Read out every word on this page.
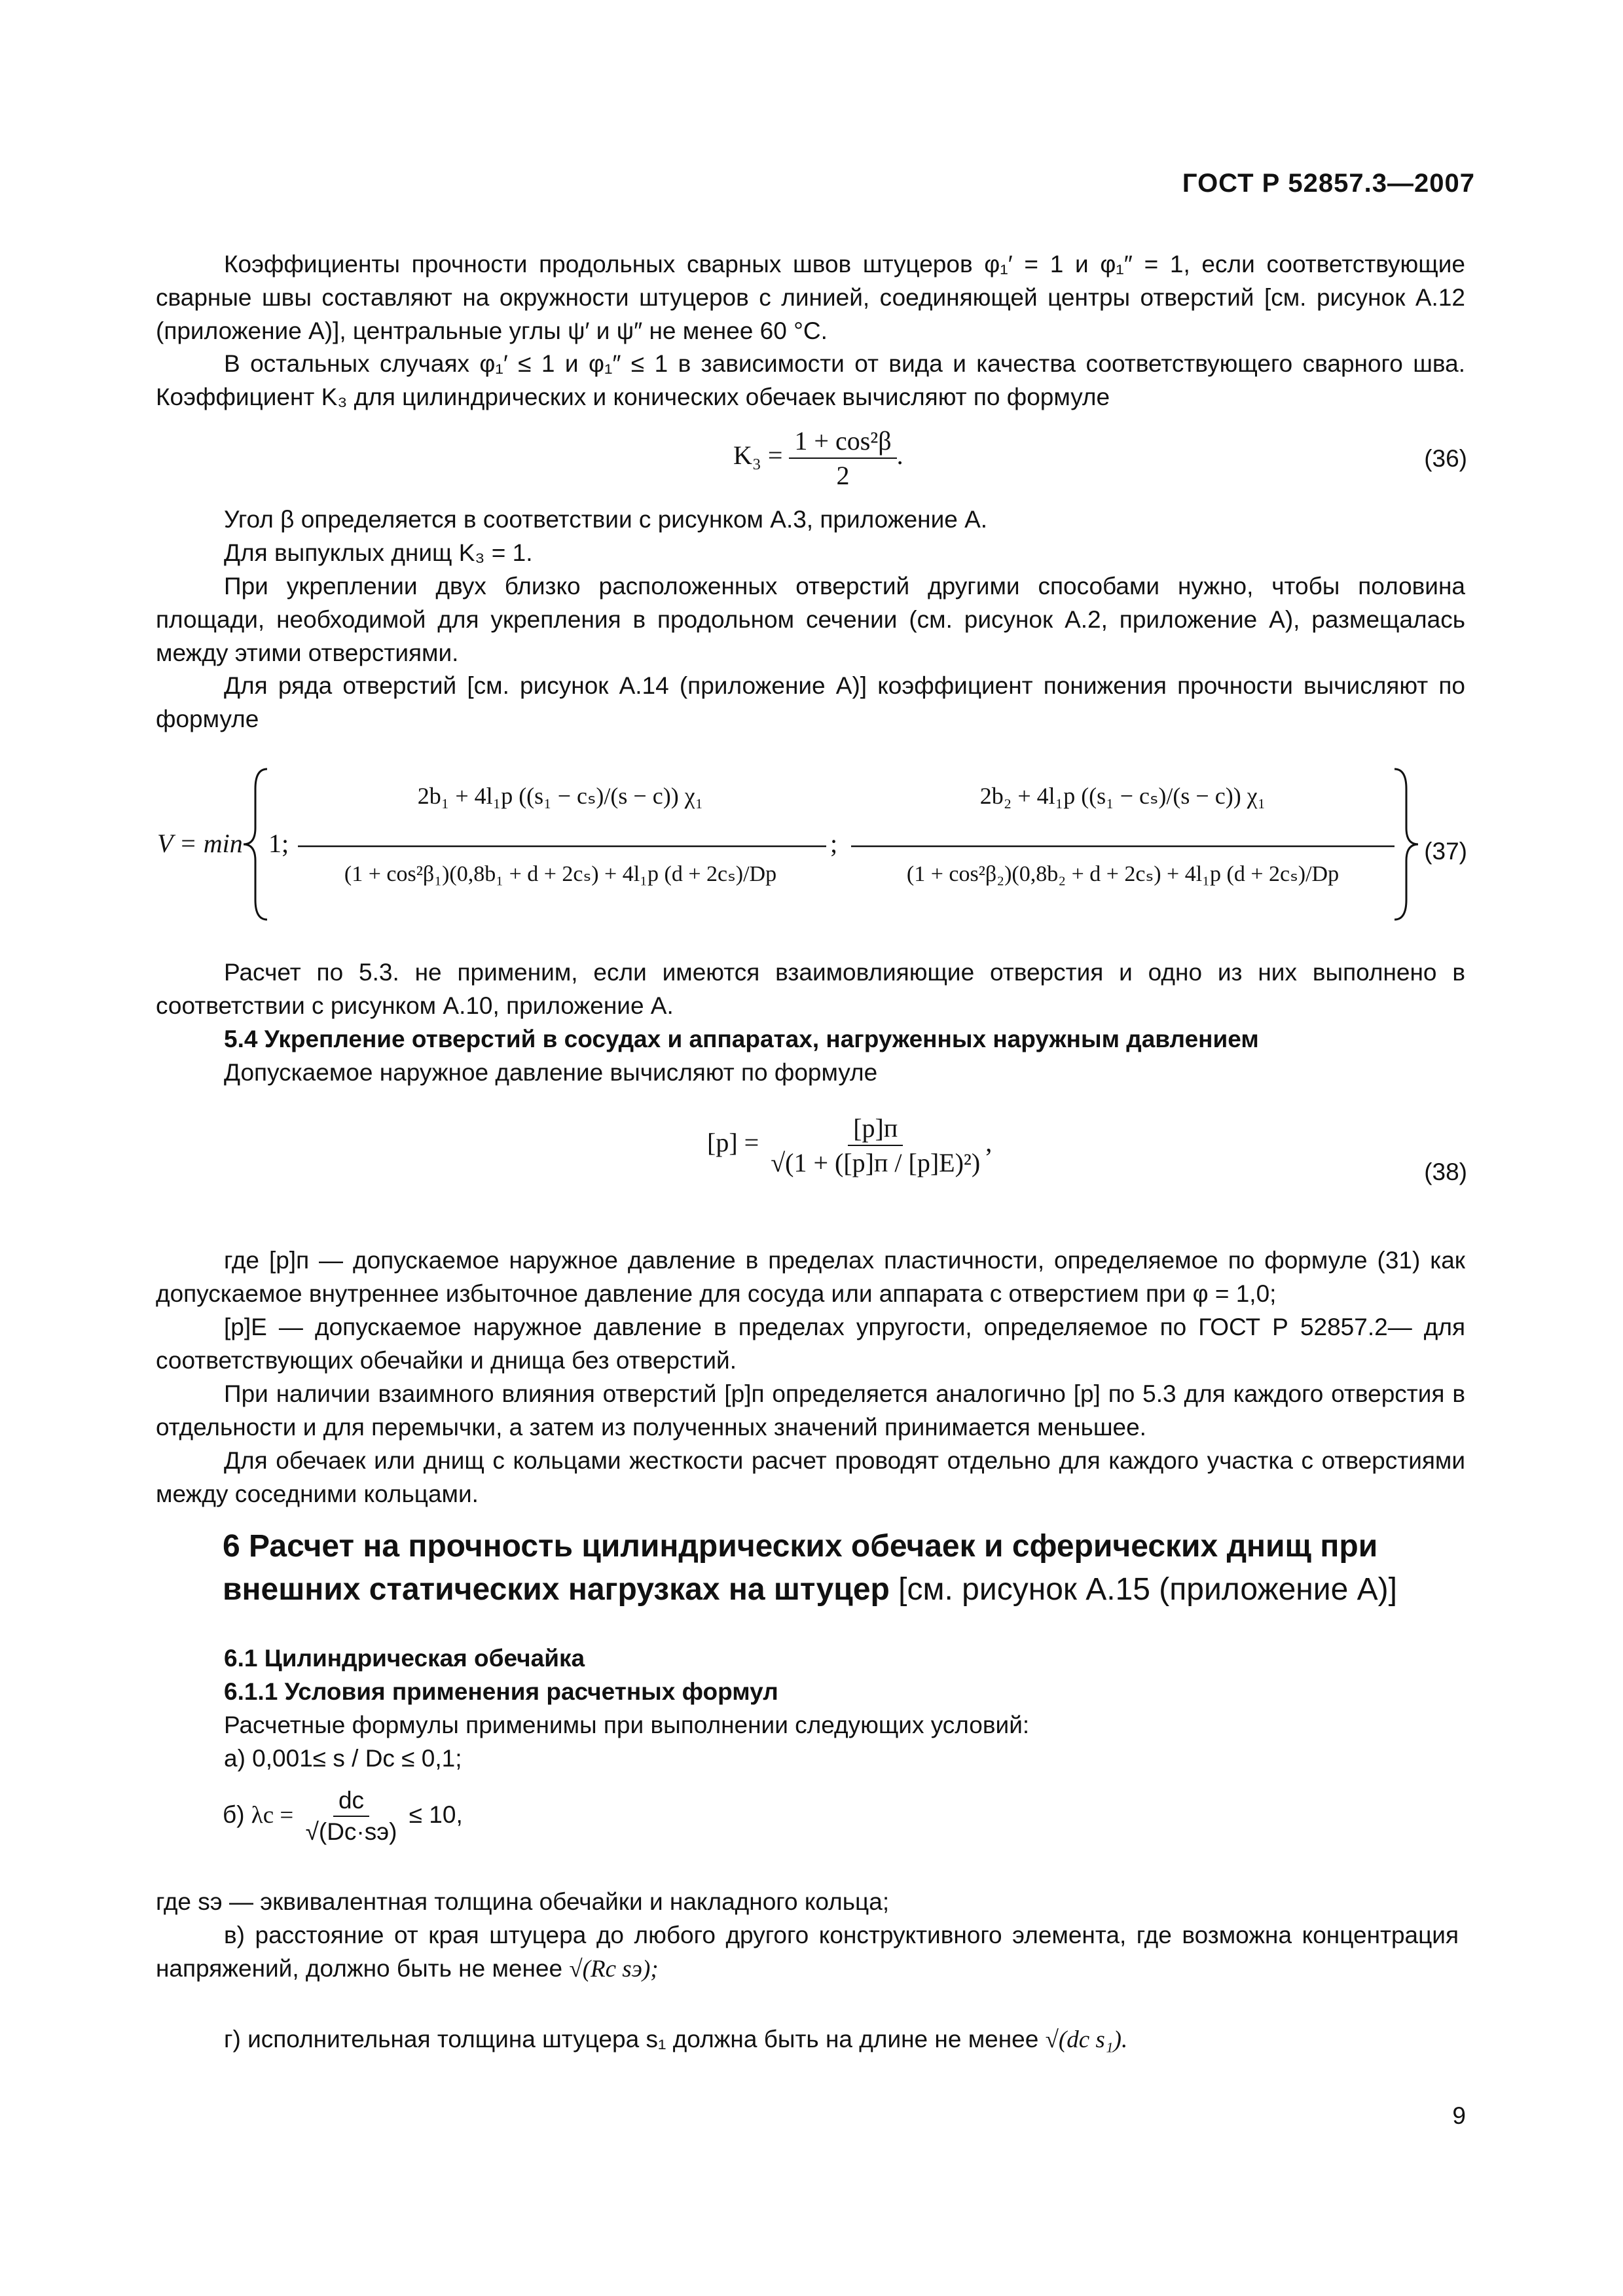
ГОСТ Р 52857.3—2007
Коэффициенты прочности продольных сварных швов штуцеров φ₁′ = 1 и φ₁″ = 1, если соответствующие сварные швы составляют на окружности штуцеров с линией, соединяющей центры отверстий [см. рисунок А.12 (приложение А)], центральные углы ψ′ и ψ″ не менее 60 °С.
В остальных случаях φ₁′ ≤ 1 и φ₁″ ≤ 1 в зависимости от вида и качества соответствующего сварного шва. Коэффициент K₃ для цилиндрических и конических обечаек вычисляют по формуле
$K_3 = \frac{\text{1 + cos²β}}{2}$ .	(36)
Угол β определяется в соответствии с рисунком А.3, приложение А.
Для выпуклых днищ K₃ = 1.
При укреплении двух близко расположенных отверстий другими способами нужно, чтобы половина площади, необходимой для укрепления в продольном сечении (см. рисунок А.2, приложение А), размещалась между этими отверстиями.
Для ряда отверстий [см. рисунок А.14 (приложение А)] коэффициент понижения прочности вычисляют по формуле
V = min 1;
2b₁ + 4l₁р ((s₁ − cₛ)/(s − c)) χ₁
(1 + cos²β₁)(0,8b₁ + d + 2cₛ) + 4l₁р (d + 2cₛ)/Dр
;
2b₂ + 4l₁р ((s₁ − cₛ)/(s − c)) χ₁
(1 + cos²β₂)(0,8b₂ + d + 2cₛ) + 4l₁р (d + 2cₛ)/Dр
(37)
Расчет по 5.3. не применим, если имеются взаимовлияющие отверстия и одно из них выполнено в соответствии с рисунком А.10, приложение А.
5.4 Укрепление отверстий в сосудах и аппаратах, нагруженных наружным давлением
Допускаемое наружное давление вычисляют по формуле
$[p] = \frac{[p]п}{\text{√(1 + ([p]п / [p]E)²)}}$ ,
(38)
где [p]п — допускаемое наружное давление в пределах пластичности, определяемое по формуле (31) как допускаемое внутреннее избыточное давление для сосуда или аппарата с отверстием при φ = 1,0;
[p]E — допускаемое наружное давление в пределах упругости, определяемое по ГОСТ Р 52857.2— для соответствующих обечайки и днища без отверстий.
При наличии взаимного влияния отверстий [p]п определяется аналогично [p] по 5.3 для каждого отверстия в отдельности и для перемычки, а затем из полученных значений принимается меньшее.
Для обечаек или днищ с кольцами жесткости расчет проводят отдельно для каждого участка с отверстиями между соседними кольцами.
6 Расчет на прочность цилиндрических обечаек и сферических днищ при внешних статических нагрузках на штуцер [см. рисунок А.15 (приложение А)]
6.1 Цилиндрическая обечайка
6.1.1 Условия применения расчетных формул
Расчетные формулы применимы при выполнении следующих условий:
а) 0,001≤ s / Dс ≤ 0,1;
б) $\lambda с = \frac{dс}{√(Dс\cdot sэ)} \le 10$,
где sэ — эквивалентная толщина обечайки и накладного кольца;
в) расстояние от края штуцера до любого другого конструктивного элемента, где возможна концентрация напряжений, должно быть не менее √(Rс sэ);
г) исполнительная толщина штуцера s₁ должна быть на длине не менее √(dс s₁).
9
